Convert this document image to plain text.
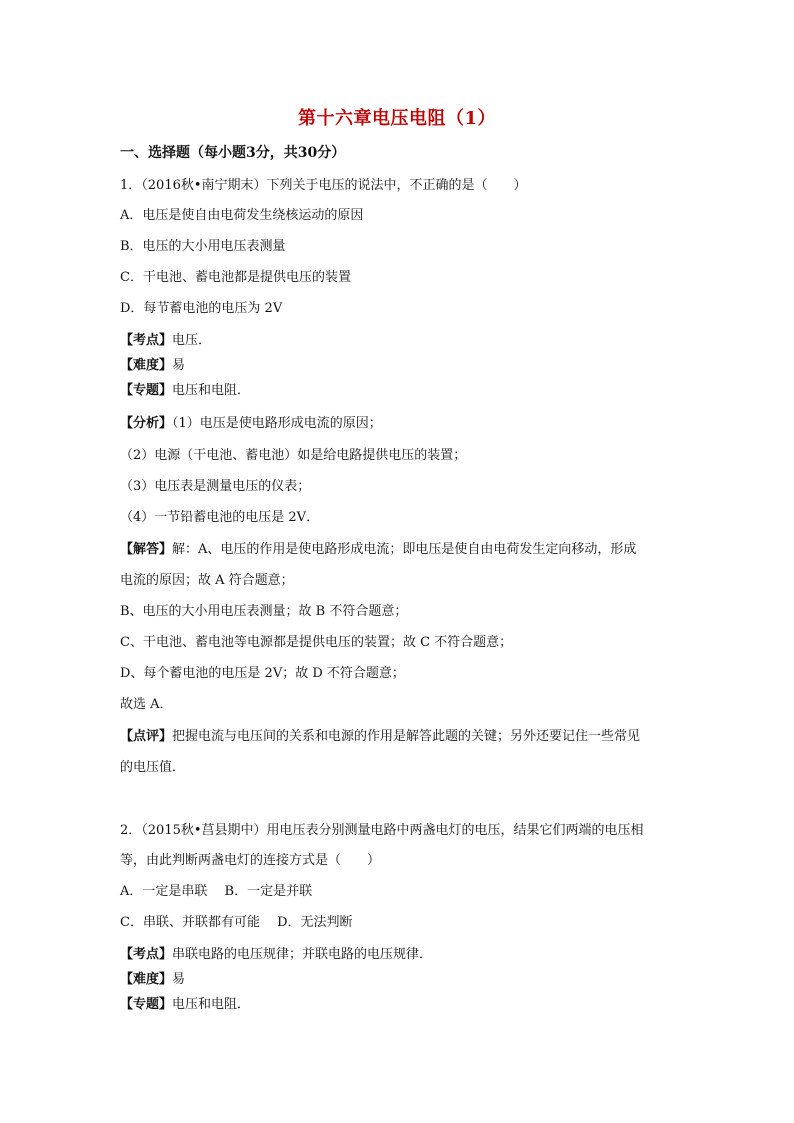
第十六章电压电阻（1）
一、选择题（每小题3分，共30分）
1．（2016秋•南宁期末）下列关于电压的说法中，不正确的是（　　）
A．电压是使自由电荷发生绕核运动的原因
B．电压的大小用电压表测量
C．干电池、蓄电池都是提供电压的装置
D．每节蓄电池的电压为 2V
【考点】电压．
【难度】易
【专题】电压和电阻．
【分析】（1）电压是使电路形成电流的原因；
（2）电源（干电池、蓄电池）如是给电路提供电压的装置；
（3）电压表是测量电压的仪表；
（4）一节铅蓄电池的电压是 2V．
【解答】解：A、电压的作用是使电路形成电流；即电压是使自由电荷发生定向移动，形成
电流的原因；故 A 符合题意；
B、电压的大小用电压表测量；故 B 不符合题意；
C、干电池、蓄电池等电源都是提供电压的装置；故 C 不符合题意；
D、每个蓄电池的电压是 2V；故 D 不符合题意；
故选 A．
【点评】把握电流与电压间的关系和电源的作用是解答此题的关键；另外还要记住一些常见
的电压值．
2．（2015秋•莒县期中）用电压表分别测量电路中两盏电灯的电压，结果它们两端的电压相
等，由此判断两盏电灯的连接方式是（　　）
A．一定是串联　 B．一定是并联
C．串联、并联都有可能　 D．无法判断
【考点】串联电路的电压规律；并联电路的电压规律．
【难度】易
【专题】电压和电阻．
